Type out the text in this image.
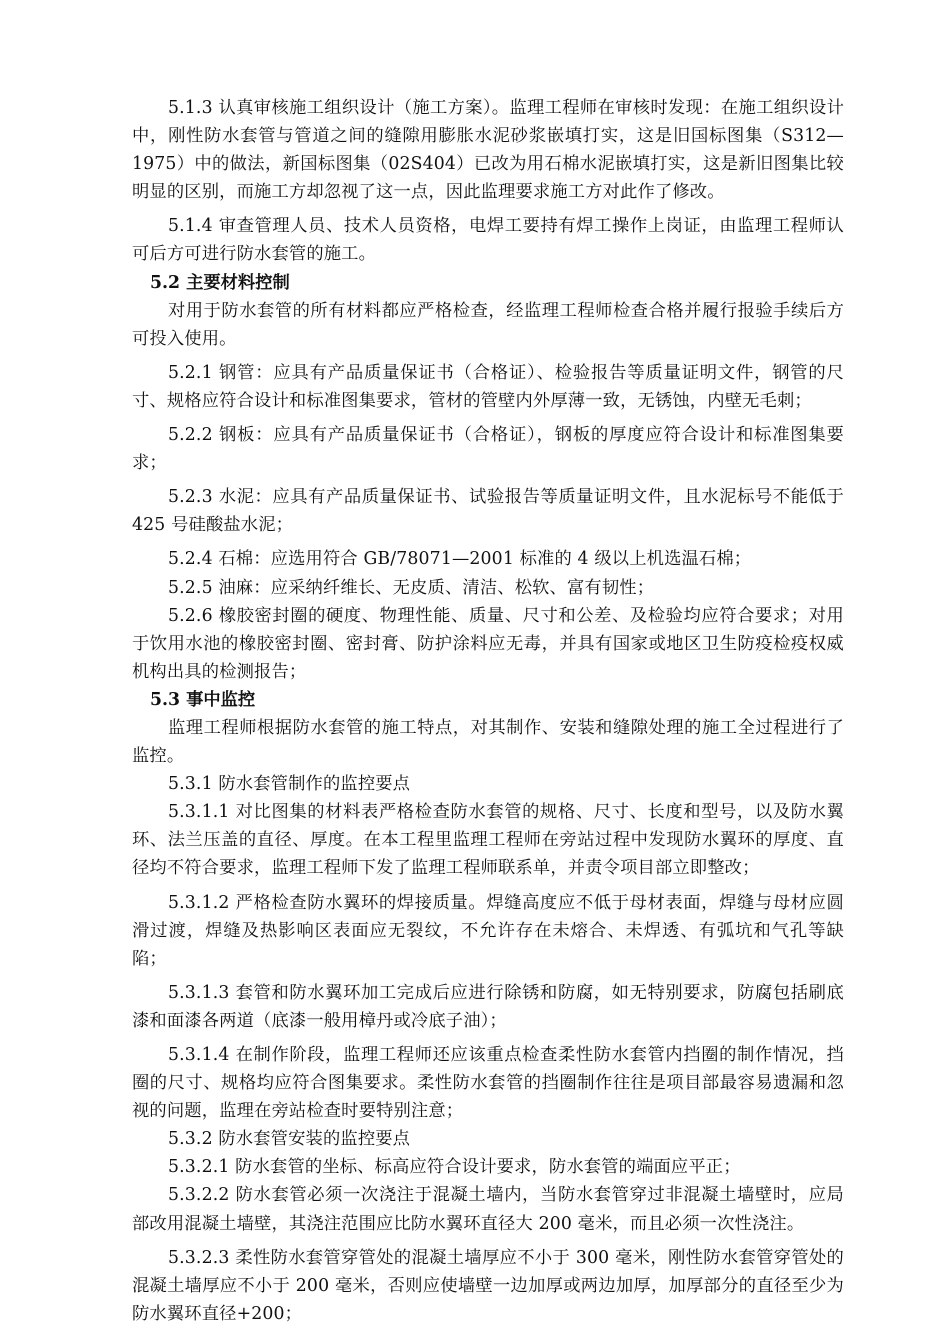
5.1.3 认真审核施工组织设计（施工方案）。监理工程师在审核时发现：在施工组织设计中，刚性防水套管与管道之间的缝隙用膨胀水泥砂浆嵌填打实，这是旧国标图集（S312—1975）中的做法，新国标图集（02S404）已改为用石棉水泥嵌填打实，这是新旧图集比较明显的区别，而施工方却忽视了这一点，因此监理要求施工方对此作了修改。

5.1.4 审查管理人员、技术人员资格，电焊工要持有焊工操作上岗证，由监理工程师认可后方可进行防水套管的施工。

5.2 主要材料控制

对用于防水套管的所有材料都应严格检查，经监理工程师检查合格并履行报验手续后方可投入使用。

5.2.1 钢管：应具有产品质量保证书（合格证）、检验报告等质量证明文件，钢管的尺寸、规格应符合设计和标准图集要求，管材的管壁内外厚薄一致，无锈蚀，内壁无毛刺；

5.2.2 钢板：应具有产品质量保证书（合格证），钢板的厚度应符合设计和标准图集要求；

5.2.3 水泥：应具有产品质量保证书、试验报告等质量证明文件，且水泥标号不能低于 425 号硅酸盐水泥；

5.2.4 石棉：应选用符合 GB/78071—2001 标准的 4 级以上机选温石棉；

5.2.5 油麻：应采纳纤维长、无皮质、清洁、松软、富有韧性；

5.2.6 橡胶密封圈的硬度、物理性能、质量、尺寸和公差、及检验均应符合要求；对用于饮用水池的橡胶密封圈、密封膏、防护涂料应无毒，并具有国家或地区卫生防疫检疫权威机构出具的检测报告；

5.3 事中监控

监理工程师根据防水套管的施工特点，对其制作、安装和缝隙处理的施工全过程进行了监控。

5.3.1 防水套管制作的监控要点

5.3.1.1 对比图集的材料表严格检查防水套管的规格、尺寸、长度和型号，以及防水翼环、法兰压盖的直径、厚度。在本工程里监理工程师在旁站过程中发现防水翼环的厚度、直径均不符合要求，监理工程师下发了监理工程师联系单，并责令项目部立即整改；

5.3.1.2 严格检查防水翼环的焊接质量。焊缝高度应不低于母材表面，焊缝与母材应圆滑过渡，焊缝及热影响区表面应无裂纹，不允许存在未熔合、未焊透、有弧坑和气孔等缺陷；

5.3.1.3 套管和防水翼环加工完成后应进行除锈和防腐，如无特别要求，防腐包括刷底漆和面漆各两道（底漆一般用樟丹或冷底子油）；

5.3.1.4 在制作阶段，监理工程师还应该重点检查柔性防水套管内挡圈的制作情况，挡圈的尺寸、规格均应符合图集要求。柔性防水套管的挡圈制作往往是项目部最容易遗漏和忽视的问题，监理在旁站检查时要特别注意；

5.3.2 防水套管安装的监控要点

5.3.2.1 防水套管的坐标、标高应符合设计要求，防水套管的端面应平正；

5.3.2.2 防水套管必须一次浇注于混凝土墙内，当防水套管穿过非混凝土墙壁时，应局部改用混凝土墙壁，其浇注范围应比防水翼环直径大 200 毫米，而且必须一次性浇注。

5.3.2.3 柔性防水套管穿管处的混凝土墙厚应不小于 300 毫米，刚性防水套管穿管处的混凝土墙厚应不小于 200 毫米，否则应使墙壁一边加厚或两边加厚，加厚部分的直径至少为防水翼环直径+200；
